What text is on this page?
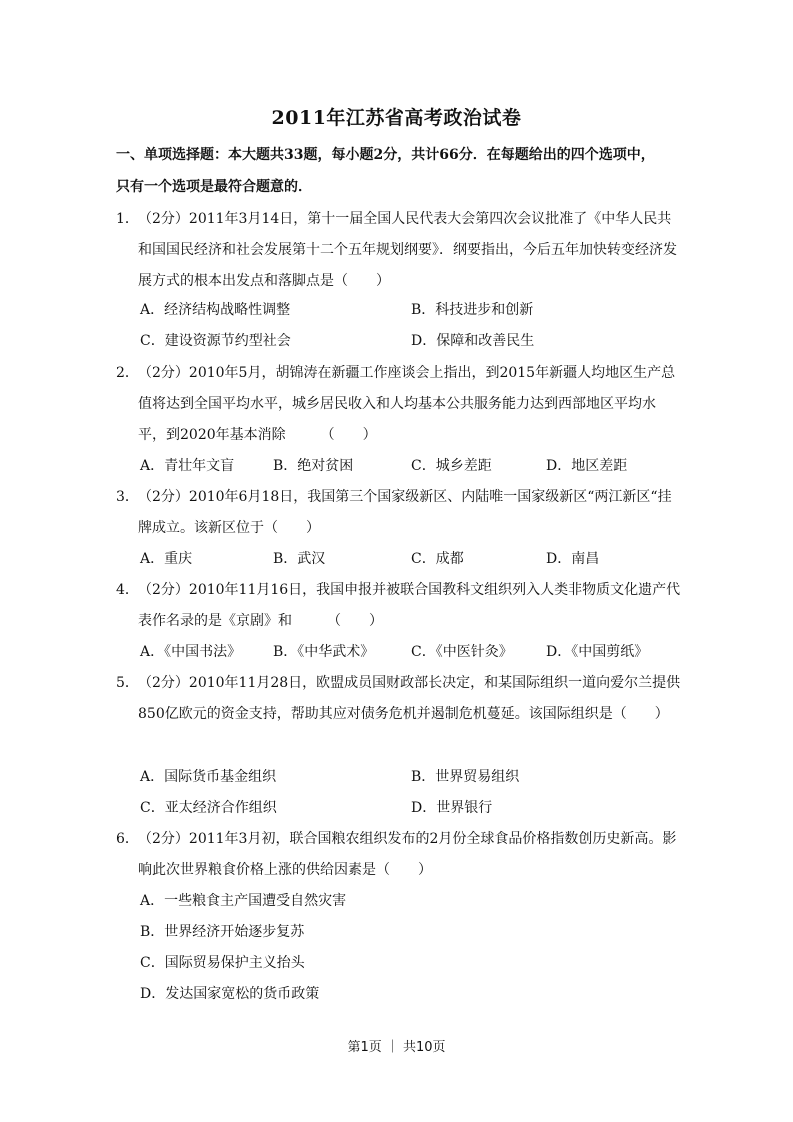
2011年江苏省高考政治试卷
一、单项选择题：本大题共33题，每小题2分，共计66分．在每题给出的四个选项中，
只有一个选项是最符合题意的．
1． （2分）2011年3月14日，第十一届全国人民代表大会第四次会议批准了《中华人民共和国国民经济和社会发展第十二个五年规划纲要》．纲要指出，今后五年加快转变经济发展方式的根本出发点和落脚点是（　　）
A．经济结构战略性调整	B．科技进步和创新
C．建设资源节约型社会	D．保障和改善民生
2． （2分）2010年5月，胡锦涛在新疆工作座谈会上指出，到2015年新疆人均地区生产总值将达到全国平均水平，城乡居民收入和人均基本公共服务能力达到西部地区平均水平，到2020年基本消除　　　（　　）
A．青壮年文盲	B．绝对贫困	C．城乡差距	D．地区差距
3． （2分）2010年6月18日，我国第三个国家级新区、内陆唯一国家级新区“两江新区“挂牌成立。该新区位于（　　）
A．重庆	B．武汉	C．成都	D．南昌
4． （2分）2010年11月16日，我国申报并被联合国教科文组织列入人类非物质文化遗产代表作名录的是《京剧》和　　　（　　）
A．《中国书法》 B．《中华武术》	C．《中医针灸》 D．《中国剪纸》
5． （2分）2010年11月28日，欧盟成员国财政部长决定，和某国际组织一道向爱尔兰提供850亿欧元的资金支持，帮助其应对债务危机并遏制危机蔓延。该国际组织是（　　）
A．国际货币基金组织	B．世界贸易组织
C．亚太经济合作组织	D．世界银行
6． （2分）2011年3月初，联合国粮农组织发布的2月份全球食品价格指数创历史新高。影响此次世界粮食价格上涨的供给因素是（　　）
A．一些粮食主产国遭受自然灾害
B．世界经济开始逐步复苏
C．国际贸易保护主义抬头
D．发达国家宽松的货币政策
第1页 ｜ 共10页
